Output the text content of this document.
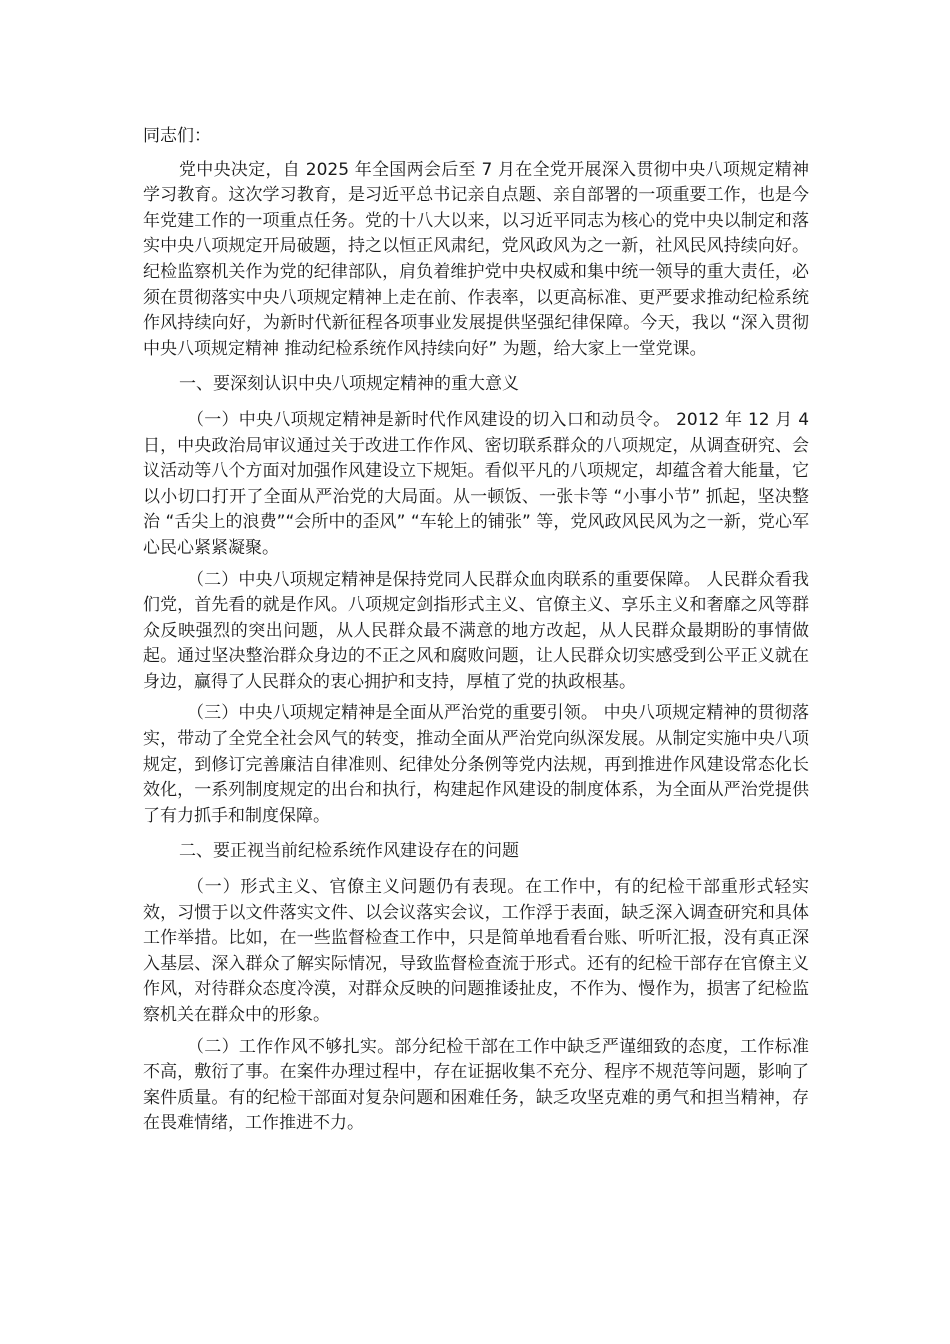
同志们：

党中央决定，自 2025 年全国两会后至 7 月在全党开展深入贯彻中央八项规定精神学习教育。这次学习教育，是习近平总书记亲自点题、亲自部署的一项重要工作，也是今年党建工作的一项重点任务。党的十八大以来，以习近平同志为核心的党中央以制定和落实中央八项规定开局破题，持之以恒正风肃纪，党风政风为之一新，社风民风持续向好。纪检监察机关作为党的纪律部队，肩负着维护党中央权威和集中统一领导的重大责任，必须在贯彻落实中央八项规定精神上走在前、作表率，以更高标准、更严要求推动纪检系统作风持续向好，为新时代新征程各项事业发展提供坚强纪律保障。今天，我以 “深入贯彻中央八项规定精神 推动纪检系统作风持续向好” 为题，给大家上一堂党课。

一、要深刻认识中央八项规定精神的重大意义

（一）中央八项规定精神是新时代作风建设的切入口和动员令。 2012 年 12 月 4 日，中央政治局审议通过关于改进工作作风、密切联系群众的八项规定，从调查研究、会议活动等八个方面对加强作风建设立下规矩。看似平凡的八项规定，却蕴含着大能量，它以小切口打开了全面从严治党的大局面。从一顿饭、一张卡等 “小事小节” 抓起，坚决整治 “舌尖上的浪费”“会所中的歪风” “车轮上的铺张” 等，党风政风民风为之一新，党心军心民心紧紧凝聚。

（二）中央八项规定精神是保持党同人民群众血肉联系的重要保障。 人民群众看我们党，首先看的就是作风。八项规定剑指形式主义、官僚主义、享乐主义和奢靡之风等群众反映强烈的突出问题，从人民群众最不满意的地方改起，从人民群众最期盼的事情做起。通过坚决整治群众身边的不正之风和腐败问题，让人民群众切实感受到公平正义就在身边，赢得了人民群众的衷心拥护和支持，厚植了党的执政根基。

（三）中央八项规定精神是全面从严治党的重要引领。 中央八项规定精神的贯彻落实，带动了全党全社会风气的转变，推动全面从严治党向纵深发展。从制定实施中央八项规定，到修订完善廉洁自律准则、纪律处分条例等党内法规，再到推进作风建设常态化长效化，一系列制度规定的出台和执行，构建起作风建设的制度体系，为全面从严治党提供了有力抓手和制度保障。

二、要正视当前纪检系统作风建设存在的问题

（一）形式主义、官僚主义问题仍有表现。在工作中，有的纪检干部重形式轻实效，习惯于以文件落实文件、以会议落实会议，工作浮于表面，缺乏深入调查研究和具体工作举措。比如，在一些监督检查工作中，只是简单地看看台账、听听汇报，没有真正深入基层、深入群众了解实际情况，导致监督检查流于形式。还有的纪检干部存在官僚主义作风，对待群众态度冷漠，对群众反映的问题推诿扯皮，不作为、慢作为，损害了纪检监察机关在群众中的形象。

（二）工作作风不够扎实。部分纪检干部在工作中缺乏严谨细致的态度，工作标准不高，敷衍了事。在案件办理过程中，存在证据收集不充分、程序不规范等问题，影响了案件质量。有的纪检干部面对复杂问题和困难任务，缺乏攻坚克难的勇气和担当精神，存在畏难情绪，工作推进不力。
